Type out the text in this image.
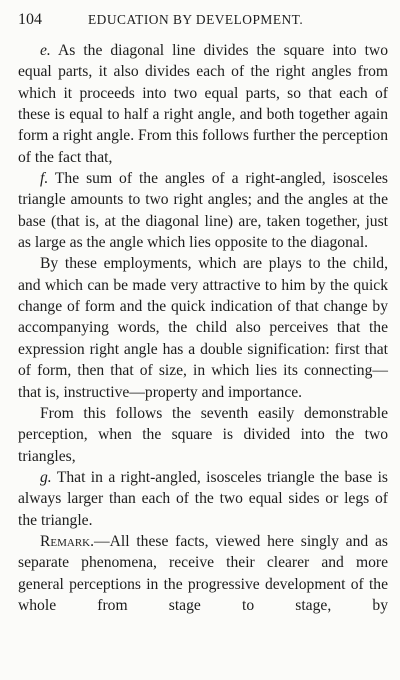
104	EDUCATION BY DEVELOPMENT.

e. As the diagonal line divides the square into two equal parts, it also divides each of the right angles from which it proceeds into two equal parts, so that each of these is equal to half a right angle, and both together again form a right angle. From this follows further the perception of the fact that,

f. The sum of the angles of a right-angled, isosceles triangle amounts to two right angles; and the angles at the base (that is, at the diagonal line) are, taken together, just as large as the angle which lies opposite to the diagonal.

By these employments, which are plays to the child, and which can be made very attractive to him by the quick change of form and the quick indication of that change by accompanying words, the child also perceives that the expression right angle has a double signification: first that of form, then that of size, in which lies its connecting—that is, instructive—property and importance.

From this follows the seventh easily demonstrable perception, when the square is divided into the two triangles,

g. That in a right-angled, isosceles triangle the base is always larger than each of the two equal sides or legs of the triangle.

Remark.—All these facts, viewed here singly and as separate phenomena, receive their clearer and more general perceptions in the progressive development of the whole from stage to stage, by
